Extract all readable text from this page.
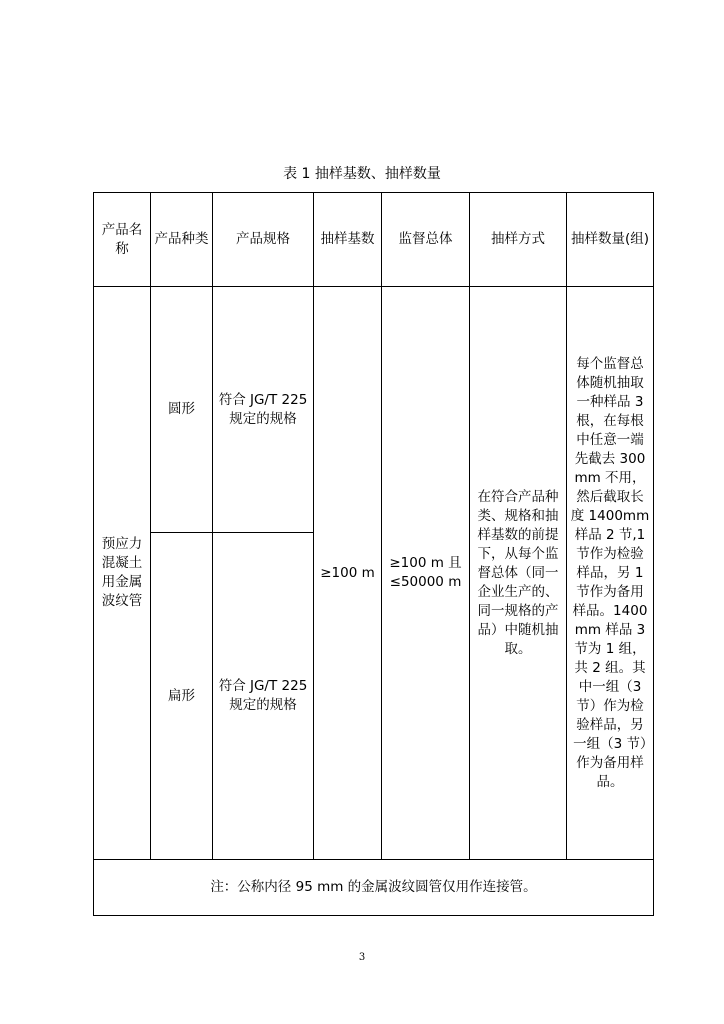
表 1 抽样基数、抽样数量
产品名称	产品种类	产品规格	抽样基数	监督总体	抽样方式	抽样数量(组)
预应力混凝土用金属波纹管	圆形	符合 JG/T 225 规定的规格	≥100 m	≥100 m 且 ≤50000 m	在符合产品种类、规格和抽样基数的前提下，从每个监督总体（同一企业生产的、同一规格的产品）中随机抽取。	每个监督总体随机抽取一种样品 3 根，在每根中任意一端先截去 300mm 不用，然后截取长度 1400mm 样品 2 节,1 节作为检验样品，另 1 节作为备用样品。1400 mm 样品 3 节为 1 组，共 2 组。其中一组（3节）作为检验样品，另一组（3 节）作为备用样品。
	扁形	符合 JG/T 225 规定的规格				
注：公称内径 95 mm 的金属波纹圆管仅用作连接管。						
3
